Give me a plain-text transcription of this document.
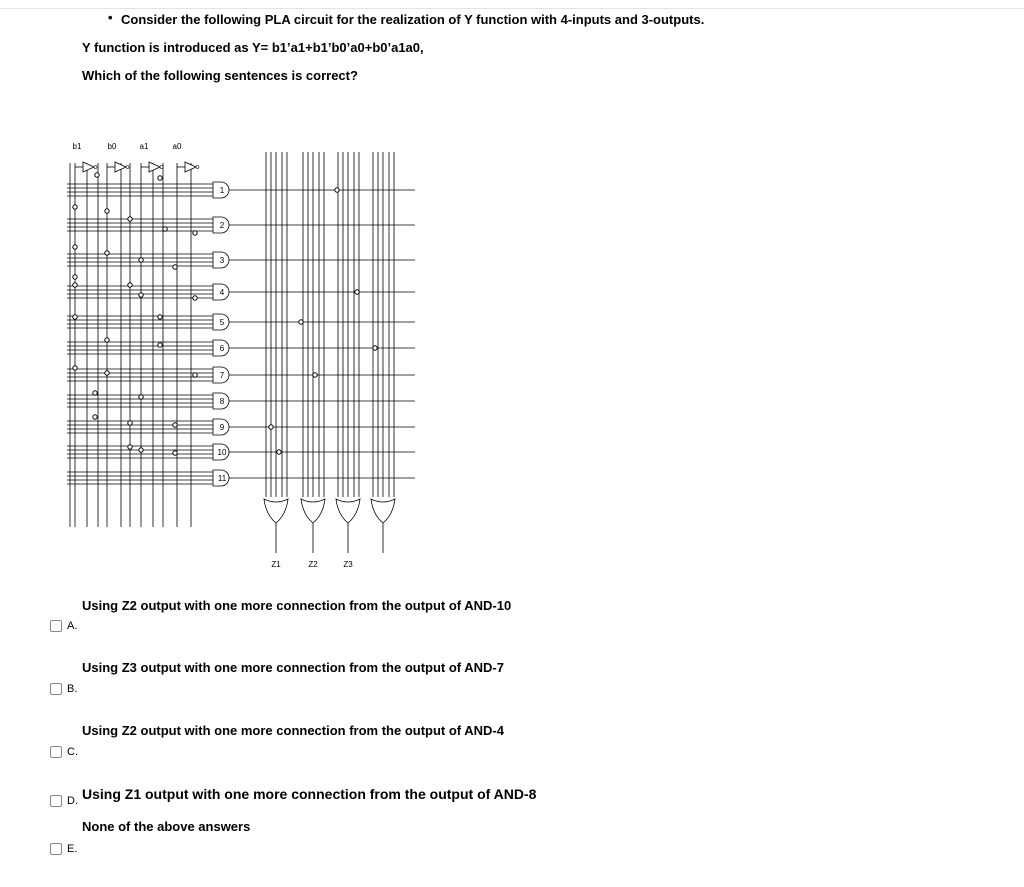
• Consider the following PLA circuit for the realization of Y function with 4-inputs and 3-outputs.
Y function is introduced as Y= b1’a1+b1’b0’a0+b0’a1a0,
Which of the following sentences is correct?
b1	b0	a1	a0
1
2
3
4
5
6
7
8
9
10
11
Z1	Z2	Z3
Using Z2 output with one more connection from the output of AND-10
A.
Using Z3 output with one more connection from the output of AND-7
B.
Using Z2 output with one more connection from the output of AND-4
C.
Using Z1 output with one more connection from the output of AND-8
D.
None of the above answers
E.
